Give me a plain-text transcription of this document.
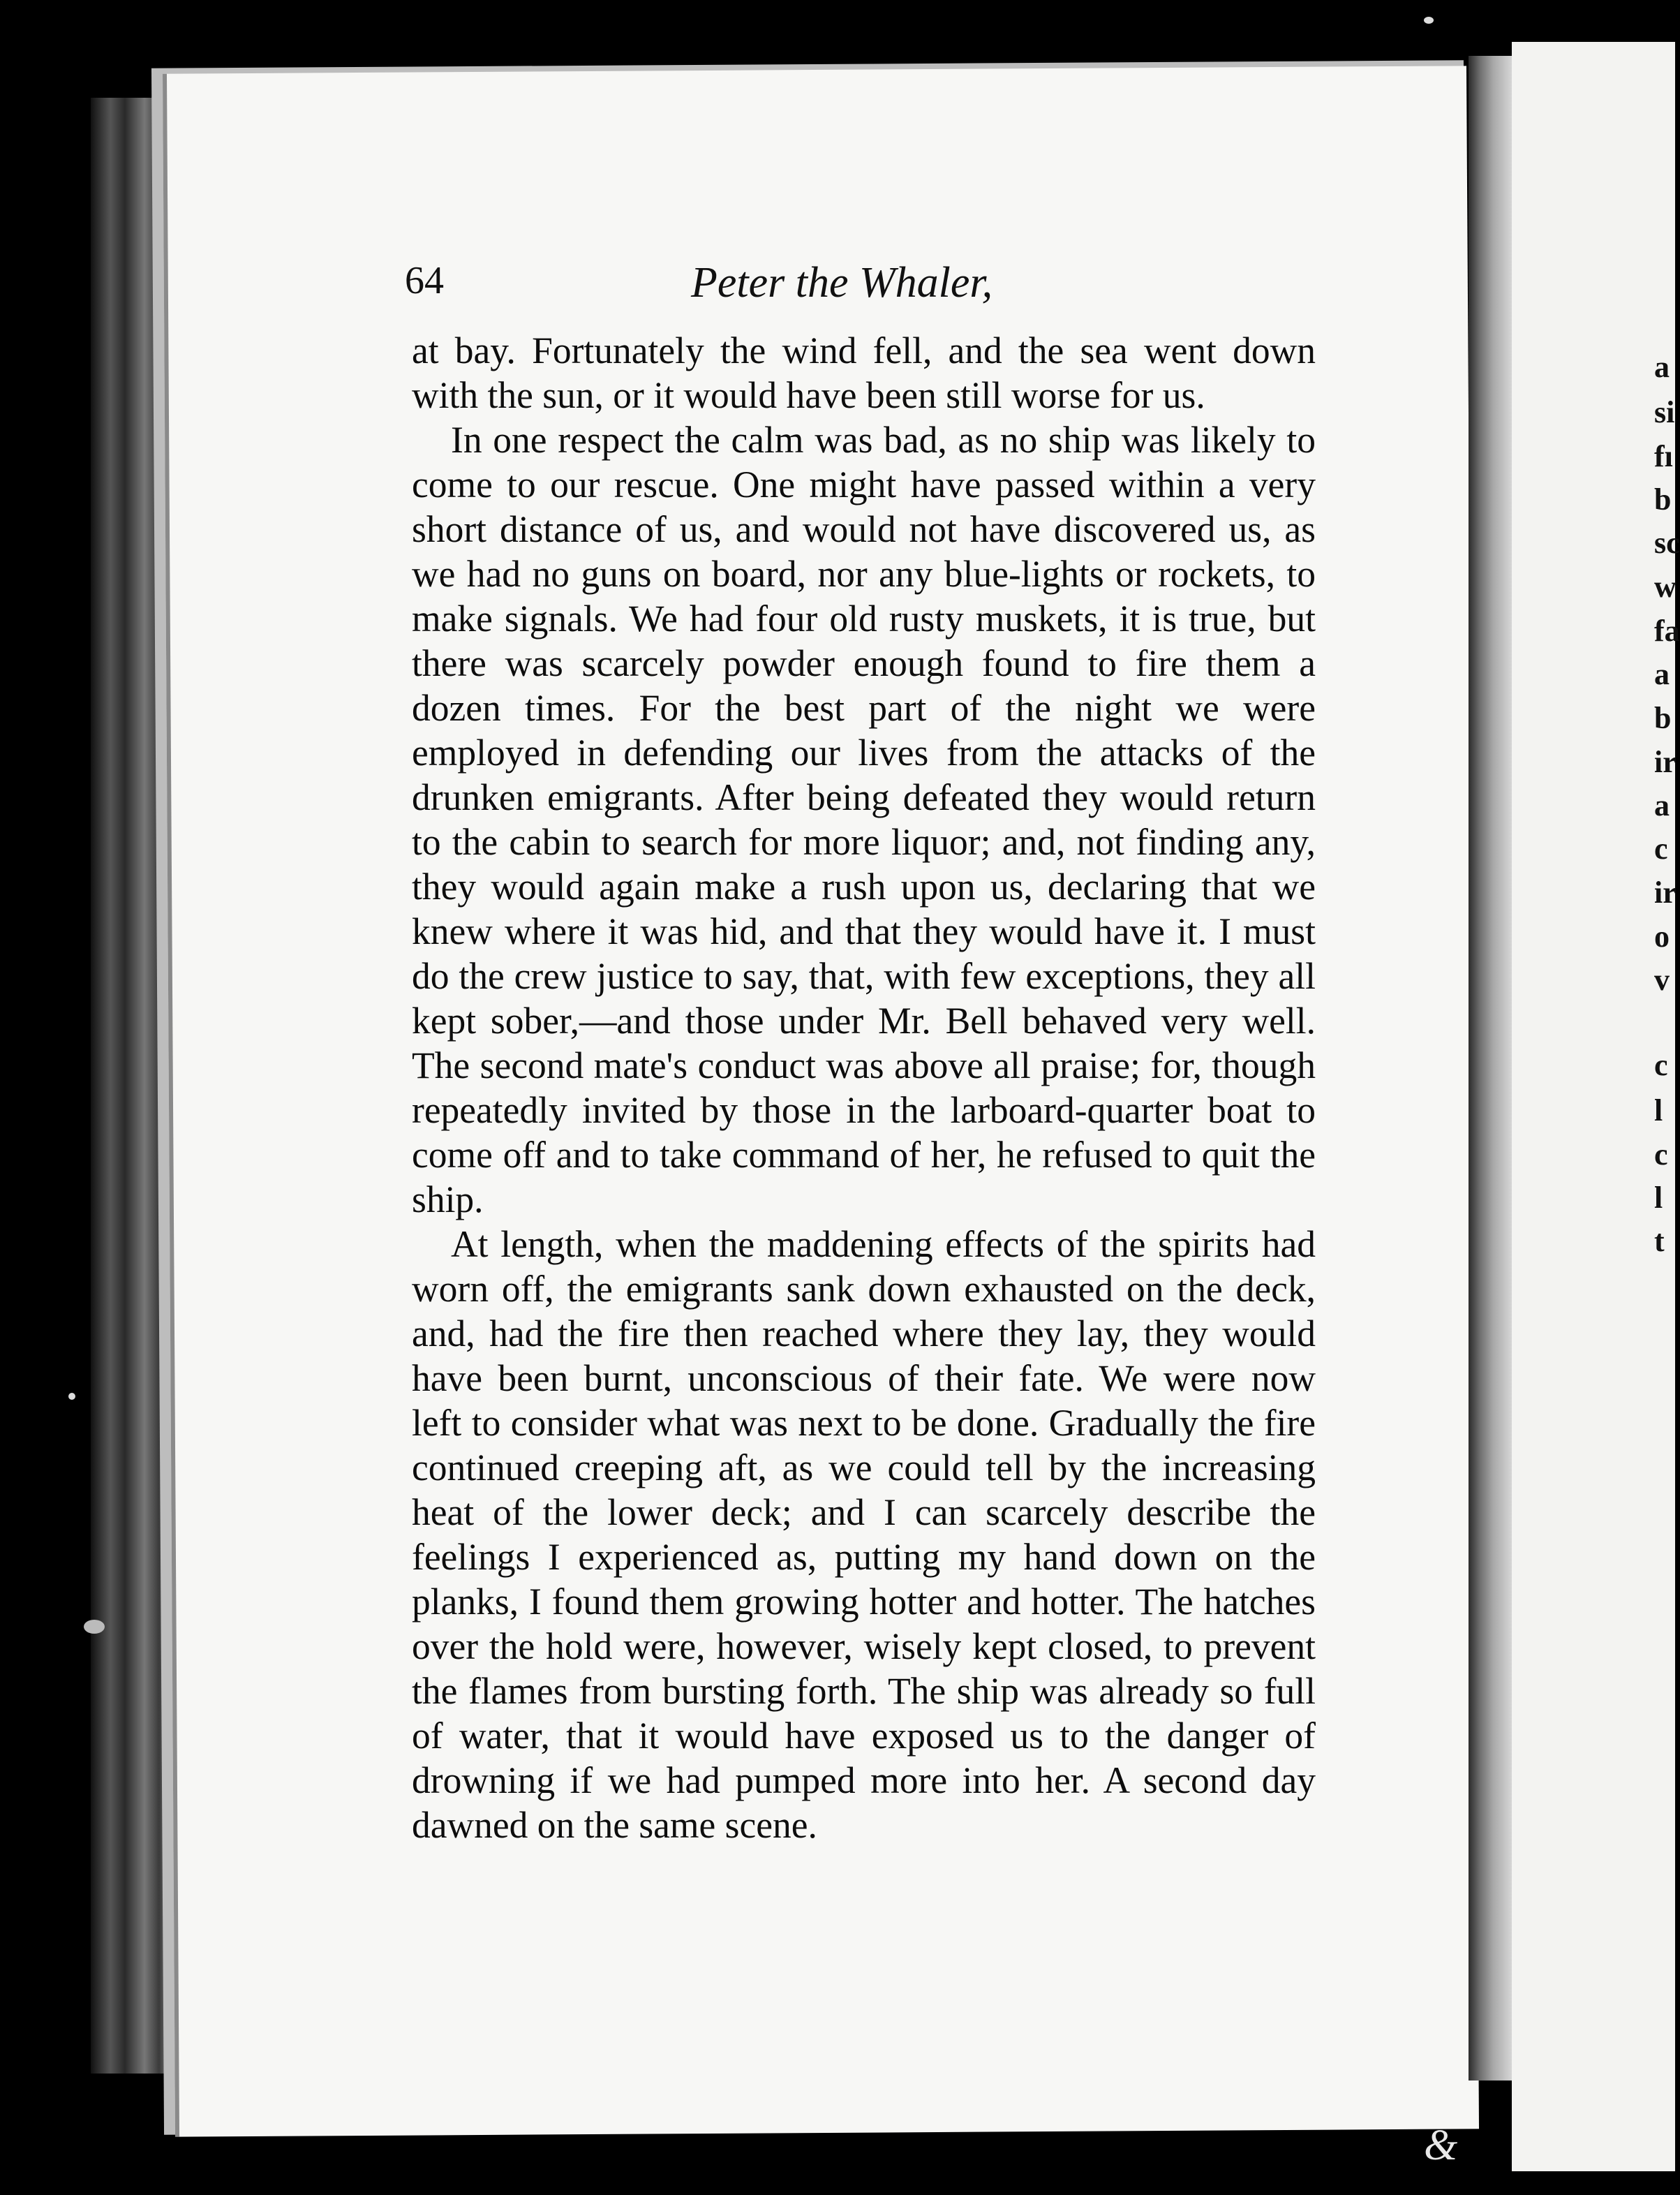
64	Peter the Whaler,

at bay. Fortunately the wind fell, and the sea went down with the sun, or it would have been still worse for us.

In one respect the calm was bad, as no ship was likely to come to our rescue. One might have passed within a very short distance of us, and would not have discovered us, as we had no guns on board, nor any blue-lights or rockets, to make signals. We had four old rusty muskets, it is true, but there was scarcely powder enough found to fire them a dozen times. For the best part of the night we were employed in defending our lives from the attacks of the drunken emigrants. After being defeated they would return to the cabin to search for more liquor; and, not finding any, they would again make a rush upon us, declaring that we knew where it was hid, and that they would have it. I must do the crew justice to say, that, with few exceptions, they all kept sober,—and those under Mr. Bell behaved very well. The second mate's conduct was above all praise; for, though repeatedly invited by those in the larboard-quarter boat to come off and to take command of her, he refused to quit the ship.

At length, when the maddening effects of the spirits had worn off, the emigrants sank down exhausted on the deck, and, had the fire then reached where they lay, they would have been burnt, unconscious of their fate. We were now left to consider what was next to be done. Gradually the fire continued creeping aft, as we could tell by the increasing heat of the lower deck; and I can scarcely describe the feelings I experienced as, putting my hand down on the planks, I found them growing hotter and hotter. The hatches over the hold were, however, wisely kept closed, to prevent the flames from bursting forth. The ship was already so full of water, that it would have exposed us to the danger of drowning if we had pumped more into her. A second day dawned on the same scene.

a
si
fı
b
sc
w
fa
a
b
ir
a
c
ir
o
v
c
l
c
l
t
&
